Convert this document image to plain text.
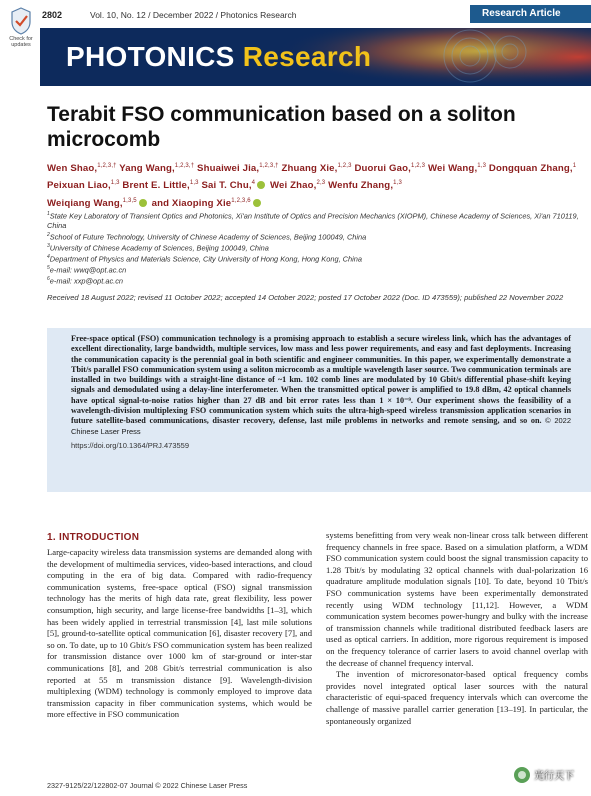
Check for updates
2802	Vol. 10, No. 12 / December 2022 / Photonics Research	Research Article
PHOTONICS Research
Terabit FSO communication based on a soliton microcomb
Wen Shao,$^{1,2,3,\dagger}$ Yang Wang,$^{1,2,3,\dagger}$ Shuaiwei Jia,$^{1,2,3,\dagger}$ Zhuang Xie,$^{1,2,3}$ Duorui Gao,$^{1,2,3}$ Wei Wang,$^{1,3}$ Dongquan Zhang,$^1$ Peixuan Liao,$^{1,3}$ Brent E. Little,$^{1,3}$ Sai T. Chu,$^4$ Wei Zhao,$^{2,3}$ Wenfu Zhang,$^{1,3}$
Weiqiang Wang,$^{1,3,5}$ and Xiaoping Xie$^{1,2,3,6}$
$^1$State Key Laboratory of Transient Optics and Photonics, Xi'an Institute of Optics and Precision Mechanics (XIOPM), Chinese Academy of Sciences, Xi'an 710119, China
$^2$School of Future Technology, University of Chinese Academy of Sciences, Beijing 100049, China
$^3$University of Chinese Academy of Sciences, Beijing 100049, China
$^4$Department of Physics and Materials Science, City University of Hong Kong, Hong Kong, China
$^5$e-mail: wwq@opt.ac.cn
$^6$e-mail: xxp@opt.ac.cn
Received 18 August 2022; revised 11 October 2022; accepted 14 October 2022; posted 17 October 2022 (Doc. ID 473559); published 22 November 2022
Free-space optical (FSO) communication technology is a promising approach to establish a secure wireless link, which has the advantages of excellent directionality, large bandwidth, multiple services, low mass and less power requirements, and easy and fast deployments. Increasing the communication capacity is the perennial goal in both scientific and engineer communities. In this paper, we experimentally demonstrate a Tbit/s parallel FSO communication system using a soliton microcomb as a multiple wavelength laser source. Two communication terminals are installed in two buildings with a straight-line distance of ~1 km. 102 comb lines are modulated by 10 Gbit/s differential phase-shift keying signals and demodulated using a delay-line interferometer. When the transmitted optical power is amplified to 19.8 dBm, 42 optical channels have optical signal-to-noise ratios higher than 27 dB and bit error rates less than 1 × 10⁻⁹. Our experiment shows the feasibility of a wavelength-division multiplexing FSO communication system which suits the ultra-high-speed wireless transmission application scenarios in future satellite-based communications, disaster recovery, defense, last mile problems in networks and remote sensing, and so on. © 2022 Chinese Laser Press
https://doi.org/10.1364/PRJ.473559
1. INTRODUCTION

Large-capacity wireless data transmission systems are demanded along with the development of multimedia services, video-based interactions, and cloud computing in the era of big data. Compared with radio-frequency communication systems, free-space optical (FSO) signal transmission technology has the merits of high data rate, great flexibility, less power consumption, high security, and large license-free bandwidths [1–3], which has been widely applied in terrestrial transmission [4], last mile solutions [5], ground-to-satellite optical communication [6], disaster recovery [7], and so on. To date, up to 10 Gbit/s FSO communication system has been realized for transmission distance over 1000 km of star-ground or inter-star communications [8], and 208 Gbit/s terrestrial communication is also reported at 55 m transmission distance [9]. Wavelength-division multiplexing (WDM) technology is commonly employed to improve data transmission capacity in fiber communication systems, which would be more effective in FSO communication

systems benefitting from very weak non-linear cross talk between different frequency channels in free space. Based on a simulation platform, a WDM FSO communication system could boost the signal transmission capacity to 1.28 Tbit/s by modulating 32 optical channels with dual-polarization 16 quadrature amplitude modulation signals [10]. To date, beyond 10 Tbit/s FSO communication systems have been experimentally demonstrated recently using WDM technology [11,12]. However, a WDM communication system becomes power-hungry and bulky with the increase of transmission channels while traditional distributed feedback lasers are used as optical carriers. In addition, more rigorous requirement is imposed on the frequency tolerance of carrier lasers to avoid channel overlap with the decrease of channel frequency interval.

The invention of microresonator-based optical frequency combs provides novel integrated optical laser sources with the natural characteristic of equi-spaced frequency intervals which can overcome the challenge of massive parallel carrier generation [13–19]. In particular, the spontaneously organized

2327-9125/22/122802-07 Journal © 2022 Chinese Laser Press
光行天下
